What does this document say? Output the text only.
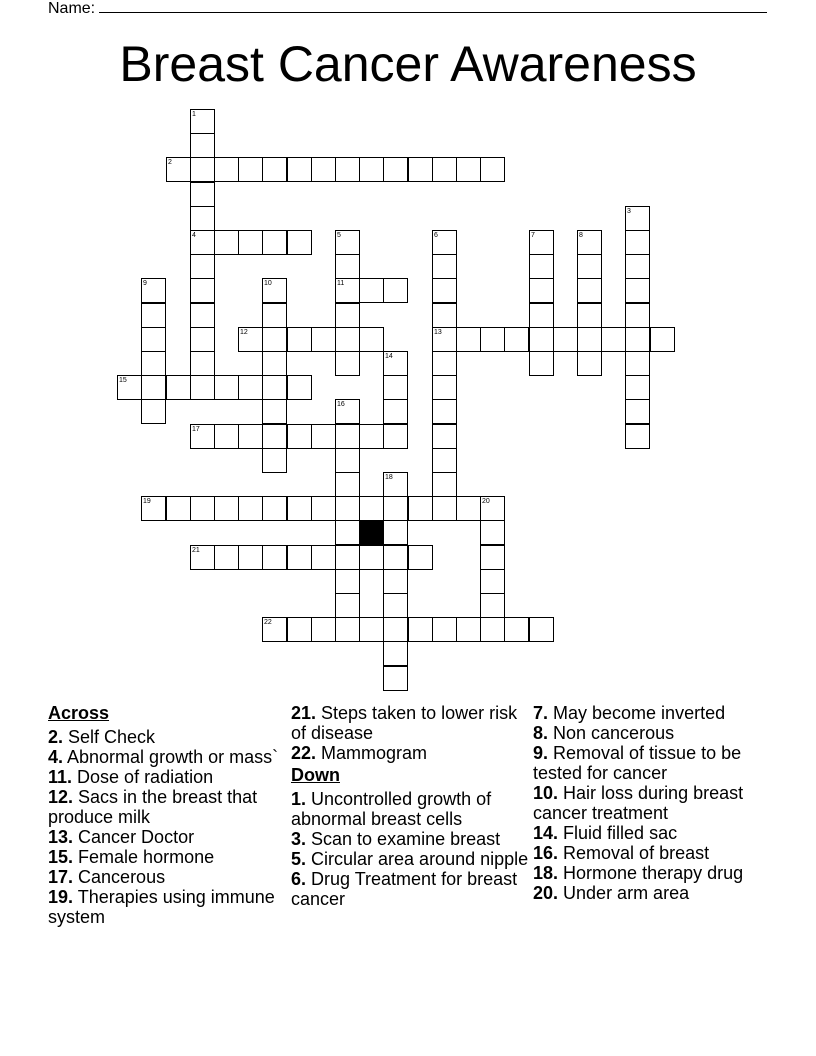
Name:
Breast Cancer Awareness
1
2
3
4	5	6	7	8
9	10	11
12	13
14
15
16
17
18
19	20
21
22
Across
2. Self Check
4. Abnormal growth or mass`
11. Dose of radiation
12. Sacs in the breast that produce milk
13. Cancer Doctor
15. Female hormone
17. Cancerous
19. Therapies using immune system
21. Steps taken to lower risk of disease
22. Mammogram
Down
1. Uncontrolled growth of abnormal breast cells
3. Scan to examine breast
5. Circular area around nipple
6. Drug Treatment for breast cancer
7. May become inverted
8. Non cancerous
9. Removal of tissue to be tested for cancer
10. Hair loss during breast cancer treatment
14. Fluid filled sac
16. Removal of breast
18. Hormone therapy drug
20. Under arm area
